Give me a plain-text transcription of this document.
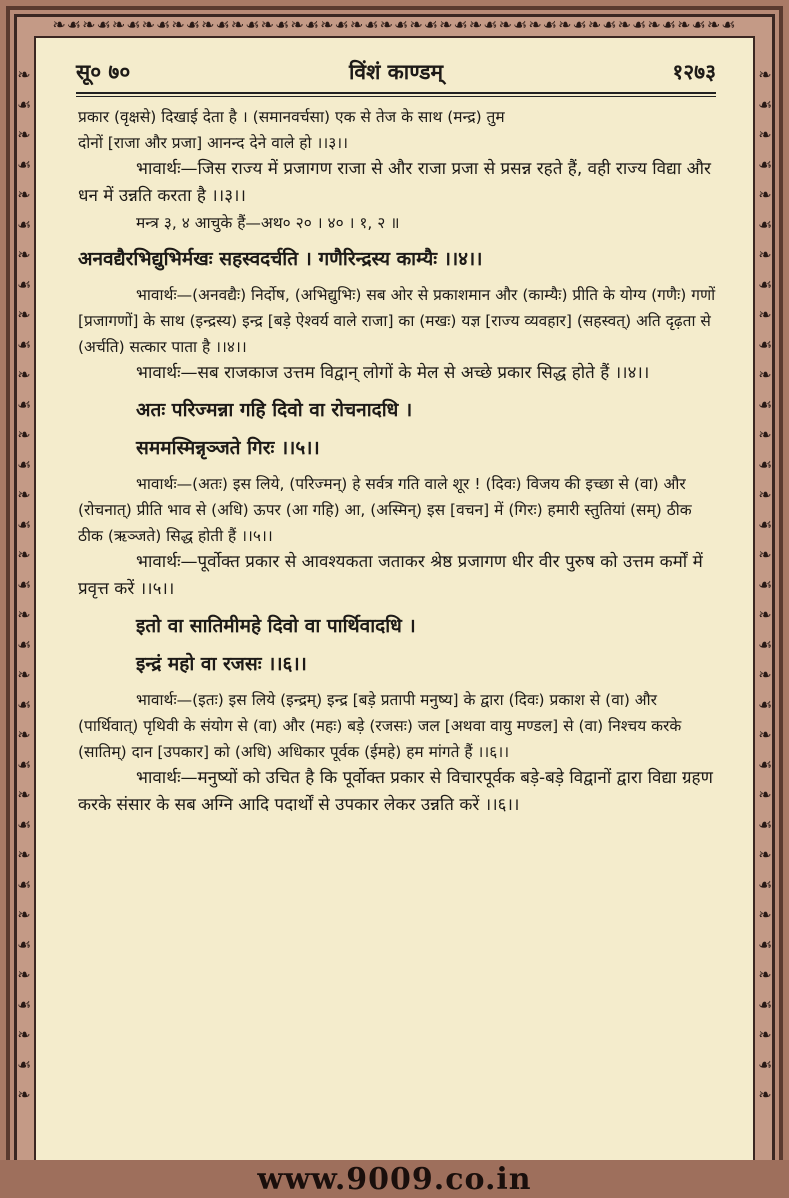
❧☙❧☙❧☙❧☙❧☙❧☙❧☙❧☙❧☙❧☙❧☙❧☙❧☙❧☙❧☙❧☙❧☙❧☙❧☙❧☙❧☙❧☙❧☙
❧
☙
❧
☙
❧
☙
❧
☙
❧
☙
❧
☙
❧
☙
❧
☙
❧
☙
❧
☙
❧
☙
❧
☙
❧
☙
❧
☙
❧
☙
❧
☙
❧
☙
❧
❧
☙
❧
☙
❧
☙
❧
☙
❧
☙
❧
☙
❧
☙
❧
☙
❧
☙
❧
☙
❧
☙
❧
☙
❧
☙
❧
☙
❧
☙
❧
☙
❧
☙
❧
विंशं काण्डम्
सू० ७०	१२७३

प्रकार (वृक्षसे) दिखाई देता है । (समानवर्चसा) एक से तेज के साथ (मन्द्र) तुम

दोनों [राजा और प्रजा] आनन्द देने वाले हो ।।३।।

भावार्थः—जिस राज्य में प्रजागण राजा से और राजा प्रजा से प्रसन्न रहते हैं, वही राज्य विद्या और धन में उन्नति करता है ।।३।।

मन्त्र ३, ४ आचुके हैं—अथ० २० । ४० । १, २ ॥

अनवद्यैरभिद्युभिर्मखः सहस्वदर्चति । गणैरिन्द्रस्य काम्यैः ।।४।।

भावार्थः—(अनवद्यैः) निर्दोष, (अभिद्युभिः) सब ओर से प्रकाशमान और (काम्यैः) प्रीति के योग्य (गणैः) गणों [प्रजागणों] के साथ (इन्द्रस्य) इन्द्र [बड़े ऐश्वर्य वाले राजा] का (मखः) यज्ञ [राज्य व्यवहार] (सहस्वत्) अति दृढ़ता से (अर्चति) सत्कार पाता है ।।४।।

भावार्थः—सब राजकाज उत्तम विद्वान् लोगों के मेल से अच्छे प्रकार सिद्ध होते हैं ।।४।।

अतः परिज्मन्ना गहि दिवो वा रोचनादधि ।

सममस्मिन्नृञ्जते गिरः ।।५।।

भावार्थः—(अतः) इस लिये, (परिज्मन्) हे सर्वत्र गति वाले शूर ! (दिवः) विजय की इच्छा से (वा) और (रोचनात्) प्रीति भाव से (अधि) ऊपर (आ गहि) आ, (अस्मिन्) इस [वचन] में (गिरः) हमारी स्तुतियां (सम्) ठीक ठीक (ऋञ्जते) सिद्ध होती हैं ।।५।।

भावार्थः—पूर्वोक्त प्रकार से आवश्यकता जताकर श्रेष्ठ प्रजागण धीर वीर पुरुष को उत्तम कर्मों में प्रवृत्त करें ।।५।।

इतो वा सातिमीमहे दिवो वा पार्थिवादधि ।

इन्द्रं महो वा रजसः ।।६।।

भावार्थः—(इतः) इस लिये (इन्द्रम्) इन्द्र [बड़े प्रतापी मनुष्य] के द्वारा (दिवः) प्रकाश से (वा) और (पार्थिवात्) पृथिवी के संयोग से (वा) और (महः) बड़े (रजसः) जल [अथवा वायु मण्डल] से (वा) निश्चय करके (सातिम्) दान [उपकार] को (अधि) अधिकार पूर्वक (ईमहे) हम मांगते हैं ।।६।।

भावार्थः—मनुष्यों को उचित है कि पूर्वोक्त प्रकार से विचारपूर्वक बड़े-बड़े विद्वानों द्वारा विद्या ग्रहण करके संसार के सब अग्नि आदि पदार्थों से उपकार लेकर उन्नति करें ।।६।।

www.9009.co.in
